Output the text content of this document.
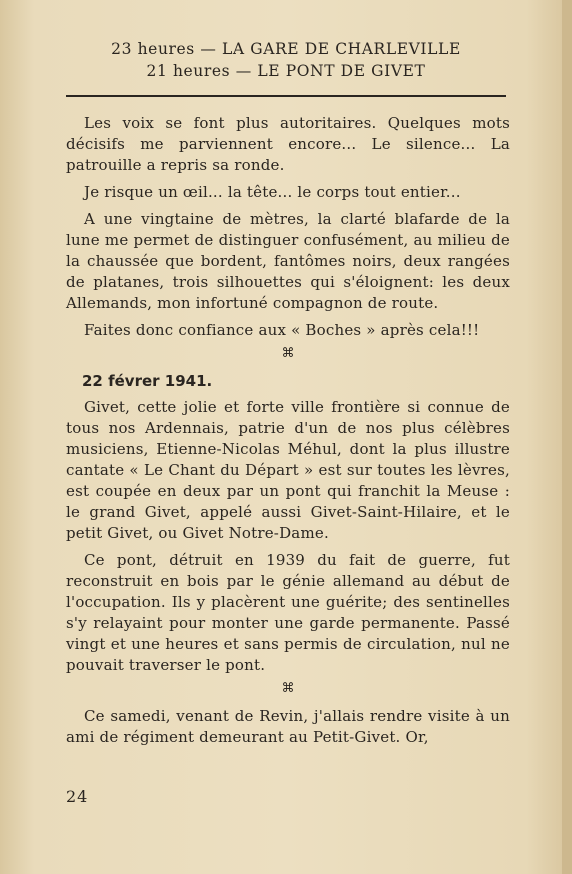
23 heures — LA GARE DE CHARLEVILLE
21 heures — LE PONT DE GIVET

Les voix se font plus autoritaires. Quelques mots décisifs me parviennent encore... Le silence... La patrouille a repris sa ronde.

Je risque un œil... la tête... le corps tout entier...

A une vingtaine de mètres, la clarté blafarde de la lune me permet de distinguer confusément, au milieu de la chaussée que bordent, fantômes noirs, deux rangées de platanes, trois silhouettes qui s'éloignent: les deux Allemands, mon infortuné compagnon de route.

Faites donc confiance aux « Boches » après cela!!!

⌘
22 févrer 1941.

Givet, cette jolie et forte ville frontière si connue de tous nos Ardennais, patrie d'un de nos plus célèbres musiciens, Etienne-Nicolas Méhul, dont la plus illustre cantate « Le Chant du Départ » est sur toutes les lèvres, est coupée en deux par un pont qui franchit la Meuse : le grand Givet, appelé aussi Givet-Saint-Hilaire, et le petit Givet, ou Givet Notre-Dame.

Ce pont, détruit en 1939 du fait de guerre, fut reconstruit en bois par le génie allemand au début de l'occupation. Ils y placèrent une guérite; des sentinelles s'y relayaint pour monter une garde permanente. Passé vingt et une heures et sans permis de circulation, nul ne pouvait traverser le pont.

⌘

Ce samedi, venant de Revin, j'allais rendre visite à un ami de régiment demeurant au Petit-Givet. Or,

24
